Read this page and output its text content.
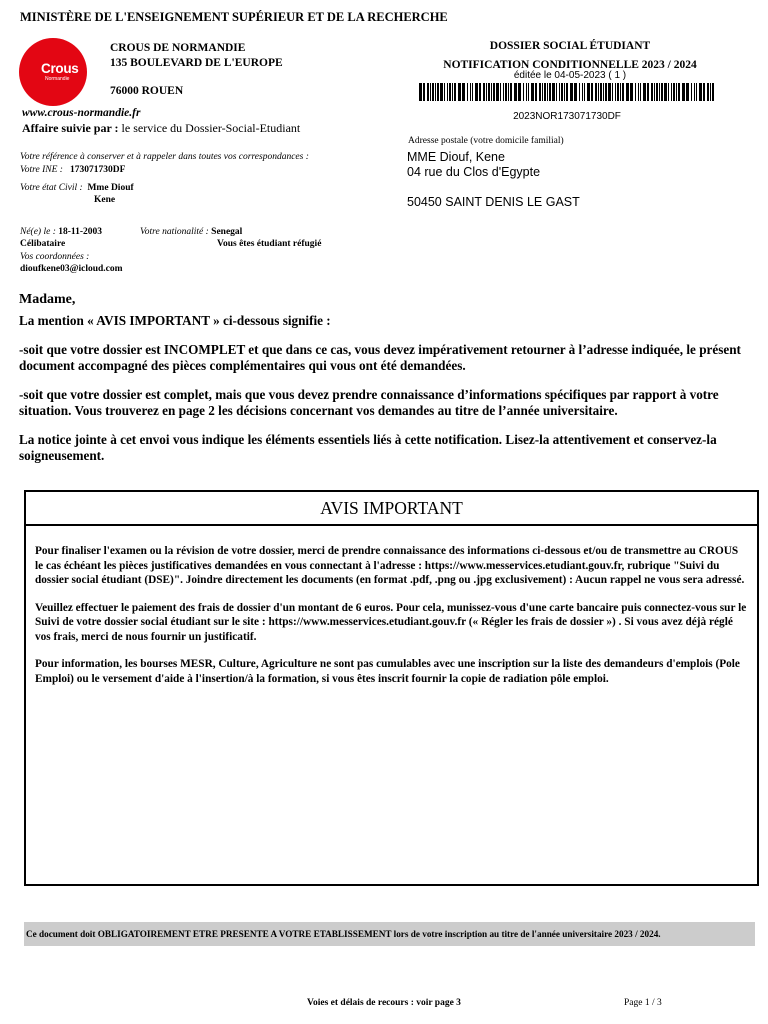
MINISTÈRE DE L'ENSEIGNEMENT SUPÉRIEUR ET DE LA RECHERCHE
Crous
Normandie
CROUS DE NORMANDIE
135 BOULEVARD DE L'EUROPE
76000 ROUEN
www.crous-normandie.fr
Affaire suivie par : le service du Dossier-Social-Etudiant
DOSSIER SOCIAL ÉTUDIANT
NOTIFICATION CONDITIONNELLE 2023 / 2024
éditée le 04-05-2023 ( 1 )
2023NOR173071730DF
Adresse postale (votre domicile familial)
MME Diouf, Kene
04 rue du Clos d'Egypte
50450 SAINT DENIS LE GAST
Votre référence à conserver et à rappeler dans toutes vos correspondances :
Votre INE : 173071730DF
Votre état Civil : Mme Diouf
Kene
Né(e) le : 18-11-2003	Votre nationalité : Senegal
Célibataire	Vous êtes étudiant réfugié
Vos coordonnées :
dioufkene03@icloud.com

Madame,

La mention « AVIS IMPORTANT » ci-dessous signifie :

-soit que votre dossier est INCOMPLET et que dans ce cas, vous devez impérativement retourner à l’adresse indiquée, le présent document accompagné des pièces complémentaires qui vous ont été demandées.

-soit que votre dossier est complet, mais que vous devez prendre connaissance d’informations spécifiques par rapport à votre situation. Vous trouverez en page 2 les décisions concernant vos demandes au titre de l’année universitaire.

La notice jointe à cet envoi vous indique les éléments essentiels liés à cette notification. Lisez-la attentivement et conservez-la soigneusement.

AVIS IMPORTANT

Pour finaliser l'examen ou la révision de votre dossier, merci de prendre connaissance des informations ci-dessous et/ou de transmettre au CROUS le cas échéant les pièces justificatives demandées en vous connectant à l'adresse : https://www.messervices.etudiant.gouv.fr, rubrique "Suivi du dossier social étudiant (DSE)". Joindre directement les documents (en format .pdf, .png ou .jpg exclusivement) : Aucun rappel ne vous sera adressé.

Veuillez effectuer le paiement des frais de dossier d'un montant de 6 euros. Pour cela, munissez-vous d'une carte bancaire puis connectez-vous sur le Suivi de votre dossier social étudiant sur le site : https://www.messervices.etudiant.gouv.fr (« Régler les frais de dossier ») . Si vous avez déjà réglé vos frais, merci de nous fournir un justificatif.

Pour information, les bourses MESR, Culture, Agriculture ne sont pas cumulables avec une inscription sur la liste des demandeurs d'emplois (Pole Emploi) ou le versement d'aide à l'insertion/à la formation, si vous êtes inscrit fournir la copie de radiation pôle emploi.

Ce document doit OBLIGATOIREMENT ETRE PRESENTE A VOTRE ETABLISSEMENT lors de votre inscription au titre de l'année universitaire 2023 / 2024.
Voies et délais de recours : voir page 3	Page 1 / 3
